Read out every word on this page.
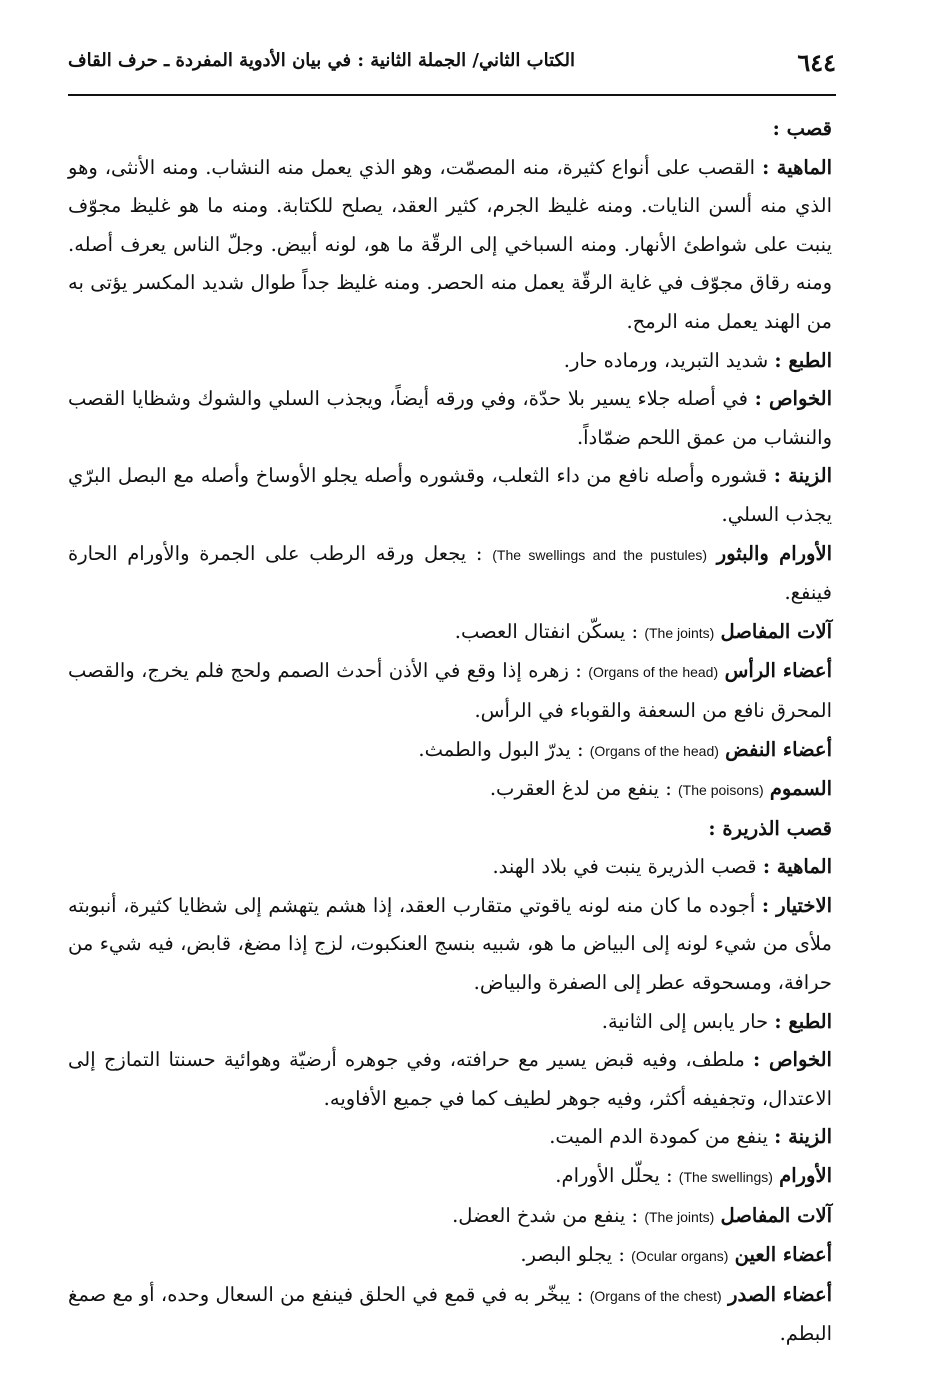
٦٤٤
الكتاب الثاني/ الجملة الثانية : في بيان الأدوية المفردة ـ حرف القاف

قصب :

الماهية : القصب على أنواع كثيرة، منه المصمّت، وهو الذي يعمل منه النشاب. ومنه الأنثى، وهو الذي منه ألسن النايات. ومنه غليظ الجرم، كثير العقد، يصلح للكتابة. ومنه ما هو غليظ مجوّف ينبت على شواطئ الأنهار. ومنه السباخي إلى الرقّة ما هو، لونه أبيض. وجلّ الناس يعرف أصله. ومنه رقاق مجوّف في غاية الرقّة يعمل منه الحصر. ومنه غليظ جداً طوال شديد المكسر يؤتى به من الهند يعمل منه الرمح.

الطبع : شديد التبريد، ورماده حار.

الخواص : في أصله جلاء يسير بلا حدّة، وفي ورقه أيضاً، ويجذب السلي والشوك وشظايا القصب والنشاب من عمق اللحم ضمّاداً.

الزينة : قشوره وأصله نافع من داء الثعلب، وقشوره وأصله يجلو الأوساخ وأصله مع البصل البرّي يجذب السلي.

الأورام والبثور (The swellings and the pustules) : يجعل ورقه الرطب على الجمرة والأورام الحارة فينفع.

آلات المفاصل (The joints) : يسكّن انفتال العصب.

أعضاء الرأس (Organs of the head) : زهره إذا وقع في الأذن أحدث الصمم ولحج فلم يخرج، والقصب المحرق نافع من السعفة والقوباء في الرأس.

أعضاء النفض (Organs of the head) : يدرّ البول والطمث.

السموم (The poisons) : ينفع من لدغ العقرب.

قصب الذريرة :

الماهية : قصب الذريرة ينبت في بلاد الهند.

الاختيار : أجوده ما كان منه لونه ياقوتي متقارب العقد، إذا هشم يتهشم إلى شظايا كثيرة، أنبوبته ملأى من شيء لونه إلى البياض ما هو، شبيه بنسج العنكبوت، لزج إذا مضغ، قابض، فيه شيء من حرافة، ومسحوقه عطر إلى الصفرة والبياض.

الطبع : حار يابس إلى الثانية.

الخواص : ملطف، وفيه قبض يسير مع حرافته، وفي جوهره أرضيّة وهوائية حسنتا التمازج إلى الاعتدال، وتجفيفه أكثر، وفيه جوهر لطيف كما في جميع الأفاويه.

الزينة : ينفع من كمودة الدم الميت.

الأورام (The swellings) : يحلّل الأورام.

آلات المفاصل (The joints) : ينفع من شدخ العضل.

أعضاء العين (Ocular organs) : يجلو البصر.

أعضاء الصدر (Organs of the chest) : يبخّر به في قمع في الحلق فينفع من السعال وحده، أو مع صمغ البطم.
